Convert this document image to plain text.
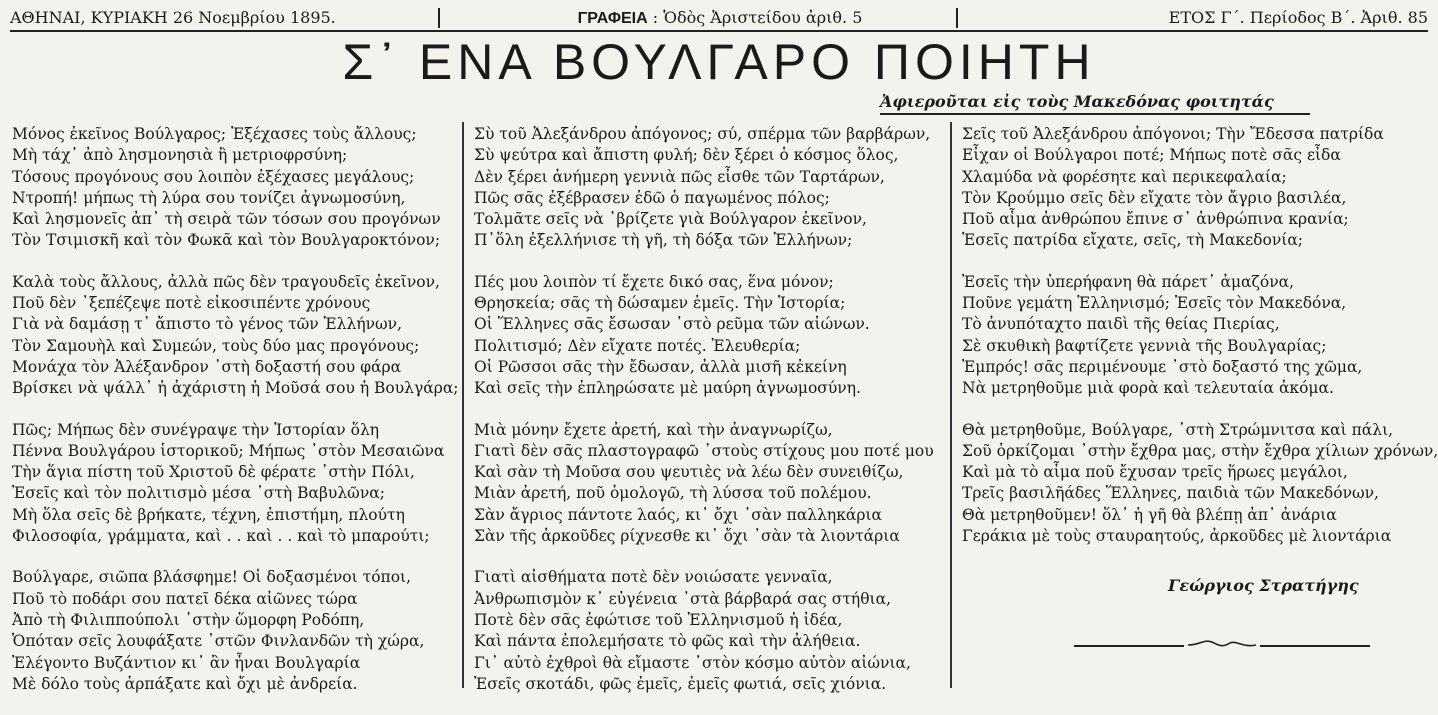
ΑΘΗΝΑΙ, ΚΥΡΙΑΚΗ 26 Νοεμβρίου 1895.	ΓΡΑΦΕΙΑ : Ὁδὸς Ἀριστείδου ἀριθ. 5	ΕΤΟΣ Γ΄. Περίοδος Β΄. Ἀριθ. 85
Σ᾽ ΕΝΑ ΒΟΥΛΓΑΡΟ ΠΟΙΗΤΗ
Ἀφιεροῦται εἰς τοὺς Μακεδόνας φοιτητάς
Μόνος ἐκεῖνος Βούλγαρος; Ἐξέχασες τοὺς ἄλλους;
Μὴ τάχ᾽ ἀπὸ λησμονησιὰ ἢ μετριοφρσύνη;
Τόσους προγόνους σου λοιπὸν ἐξέχασες μεγάλους;
Ντροπή! μήπως τὴ λύρα σου τονίζει ἀγνωμοσύνη,
Καὶ λησμονεῖς ἀπ᾽ τὴ σειρὰ τῶν τόσων σου προγόνων
Τὸν Τσιμισκῆ καὶ τὸν Φωκᾶ καὶ τὸν Βουλγαροκτόνον;
Καλὰ τοὺς ἄλλους, ἀλλὰ πῶς δὲν τραγουδεῖς ἐκεῖνον,
Ποῦ δὲν ᾽ξεπέζεψε ποτὲ εἰκοσιπέντε χρόνους
Γιὰ νὰ δαμάσῃ τ᾽ ἄπιστο τὸ γένος τῶν Ἑλλήνων,
Τὸν Σαμουὴλ καὶ Συμεών, τοὺς δύο μας προγόνους;
Μονάχα τὸν Ἀλέξανδρον ᾽στὴ δοξαστή σου φάρα
Βρίσκει νὰ ψάλλ᾽ ἡ ἀχάριστη ἡ Μοῦσά σου ἡ Βουλγάρα;
Πῶς; Μήπως δὲν συνέγραψε τὴν Ἱστορίαν ὅλη
Πέννα Βουλγάρου ἱστορικοῦ; Μήπως ᾽στὸν Μεσαιῶνα
Τὴν ἅγια πίστη τοῦ Χριστοῦ δὲ φέρατε ᾽στὴν Πόλι,
Ἐσεῖς καὶ τὸν πολιτισμὸ μέσα ᾽στὴ Βαβυλῶνα;
Μὴ ὅλα σεῖς δὲ βρήκατε, τέχνη, ἐπιστήμη, πλούτη
Φιλοσοφία, γράμματα, καὶ . . καὶ . . καὶ τὸ μπαρούτι;
Βούλγαρε, σιῶπα βλάσφημε! Οἱ δοξασμένοι τόποι,
Ποῦ τὸ ποδάρι σου πατεῖ δέκα αἰῶνες τώρα
Ἀπὸ τὴ Φιλιππούπολι ᾽στὴν ὥμορφη Ροδόπη,
Ὁπόταν σεῖς λουφάξατε ᾽στῶν Φινλανδῶν τὴ χώρα,
Ἐλέγοντο Βυζάντιον κι᾽ ἂν ἦναι Βουλγαρία
Μὲ δόλο τοὺς ἁρπάξατε καὶ ὄχι μὲ ἀνδρεία.
Σὺ τοῦ Ἀλεξάνδρου ἀπόγονος; σύ, σπέρμα τῶν βαρβάρων,
Σὺ ψεύτρα καὶ ἄπιστη φυλή; δὲν ξέρει ὁ κόσμος ὅλος,
Δὲν ξέρει ἀνήμερη γεννιὰ πῶς εἶσθε τῶν Ταρτάρων,
Πῶς σᾶς ἐξέβρασεν ἐδῶ ὁ παγωμένος πόλος;
Τολμᾶτε σεῖς νὰ ᾽βρίζετε γιὰ Βούλγαρον ἐκεῖνον,
Π᾽ὅλη ἐξελλήνισε τὴ γῆ, τὴ δόξα τῶν Ἑλλήνων;
Πές μου λοιπὸν τί ἔχετε δικό σας, ἕνα μόνον;
Θρησκεία; σᾶς τὴ δώσαμεν ἐμεῖς. Τὴν Ἱστορία;
Οἱ Ἕλληνες σᾶς ἔσωσαν ᾽στὸ ρεῦμα τῶν αἰώνων.
Πολιτισμό; Δὲν εἴχατε ποτές. Ἐλευθερία;
Οἱ Ρῶσσοι σᾶς τὴν ἔδωσαν, ἀλλὰ μισῆ κἐκείνη
Καὶ σεῖς τὴν ἐπληρώσατε μὲ μαύρη ἀγνωμοσύνη.
Μιὰ μόνην ἔχετε ἀρετή, καὶ τὴν ἀναγνωρίζω,
Γιατὶ δὲν σᾶς πλαστογραφῶ ᾽στοὺς στίχους μου ποτέ μου
Καὶ σὰν τὴ Μοῦσα σου ψευτιὲς νὰ λέω δὲν συνειθίζω,
Μιὰν ἀρετή, ποῦ ὁμολογῶ, τὴ λύσσα τοῦ πολέμου.
Σὰν ἄγριος πάντοτε λαός, κι᾽ ὄχι ᾽σὰν παλληκάρια
Σὰν τῆς ἀρκοῦδες ρίχνεσθε κι᾽ ὄχι ᾽σὰν τὰ λιοντάρια
Γιατὶ αἰσθήματα ποτὲ δὲν νοιώσατε γενναῖα,
Ἀνθρωπισμὸν κ᾽ εὐγένεια ᾽στὰ βάρβαρά σας στήθια,
Ποτὲ δὲν σᾶς ἐφώτισε τοῦ Ἑλληνισμοῦ ἡ ἰδέα,
Καὶ πάντα ἐπολεμήσατε τὸ φῶς καὶ τὴν ἀλήθεια.
Γι᾽ αὐτὸ ἐχθροὶ θὰ εἴμαστε ᾽στὸν κόσμο αὐτὸν αἰώνια,
Ἐσεῖς σκοτάδι, φῶς ἐμεῖς, ἐμεῖς φωτιά, σεῖς χιόνια.
Σεῖς τοῦ Ἀλεξάνδρου ἀπόγονοι; Τὴν Ἔδεσσα πατρίδα
Εἶχαν οἱ Βούλγαροι ποτέ; Μήπως ποτὲ σᾶς εἶδα
Χλαμύδα νὰ φορέσητε καὶ περικεφαλαία;
Τὸν Κρούμμο σεῖς δὲν εἴχατε τὸν ἄγριο βασιλέα,
Ποῦ αἷμα ἀνθρώπου ἔπινε σ᾽ ἀνθρώπινα κρανία;
Ἐσεῖς πατρίδα εἴχατε, σεῖς, τὴ Μακεδονία;
Ἐσεῖς τὴν ὑπερήφανη θὰ πάρετ᾽ ἀμαζόνα,
Ποῦνε γεμάτη Ἑλληνισμό; Ἐσεῖς τὸν Μακεδόνα,
Τὸ ἀνυπόταχτο παιδὶ τῆς θείας Πιερίας,
Σὲ σκυθικὴ βαφτίζετε γεννιὰ τῆς Βουλγαρίας;
Ἐμπρός! σᾶς περιμένουμε ᾽στὸ δοξαστό της χῶμα,
Νὰ μετρηθοῦμε μιὰ φορὰ καὶ τελευταία ἀκόμα.
Θὰ μετρηθοῦμε, Βούλγαρε, ᾽στὴ Στρώμνιτσα καὶ πάλι,
Σοῦ ὁρκίζομαι ᾽στὴν ἔχθρα μας, στὴν ἔχθρα χίλιων χρόνων,
Καὶ μὰ τὸ αἷμα ποῦ ἔχυσαν τρεῖς ἥρωες μεγάλοι,
Τρεῖς βασιλῆάδες Ἕλληνες, παιδιὰ τῶν Μακεδόνων,
Θὰ μετρηθοῦμεν! ὅλ᾽ ἡ γῆ θὰ βλέπῃ ἀπ᾽ ἀνάρια
Γεράκια μὲ τοὺς σταυραητούς, ἀρκοῦδες μὲ λιοντάρια
Γεώργιος Στρατήγης
